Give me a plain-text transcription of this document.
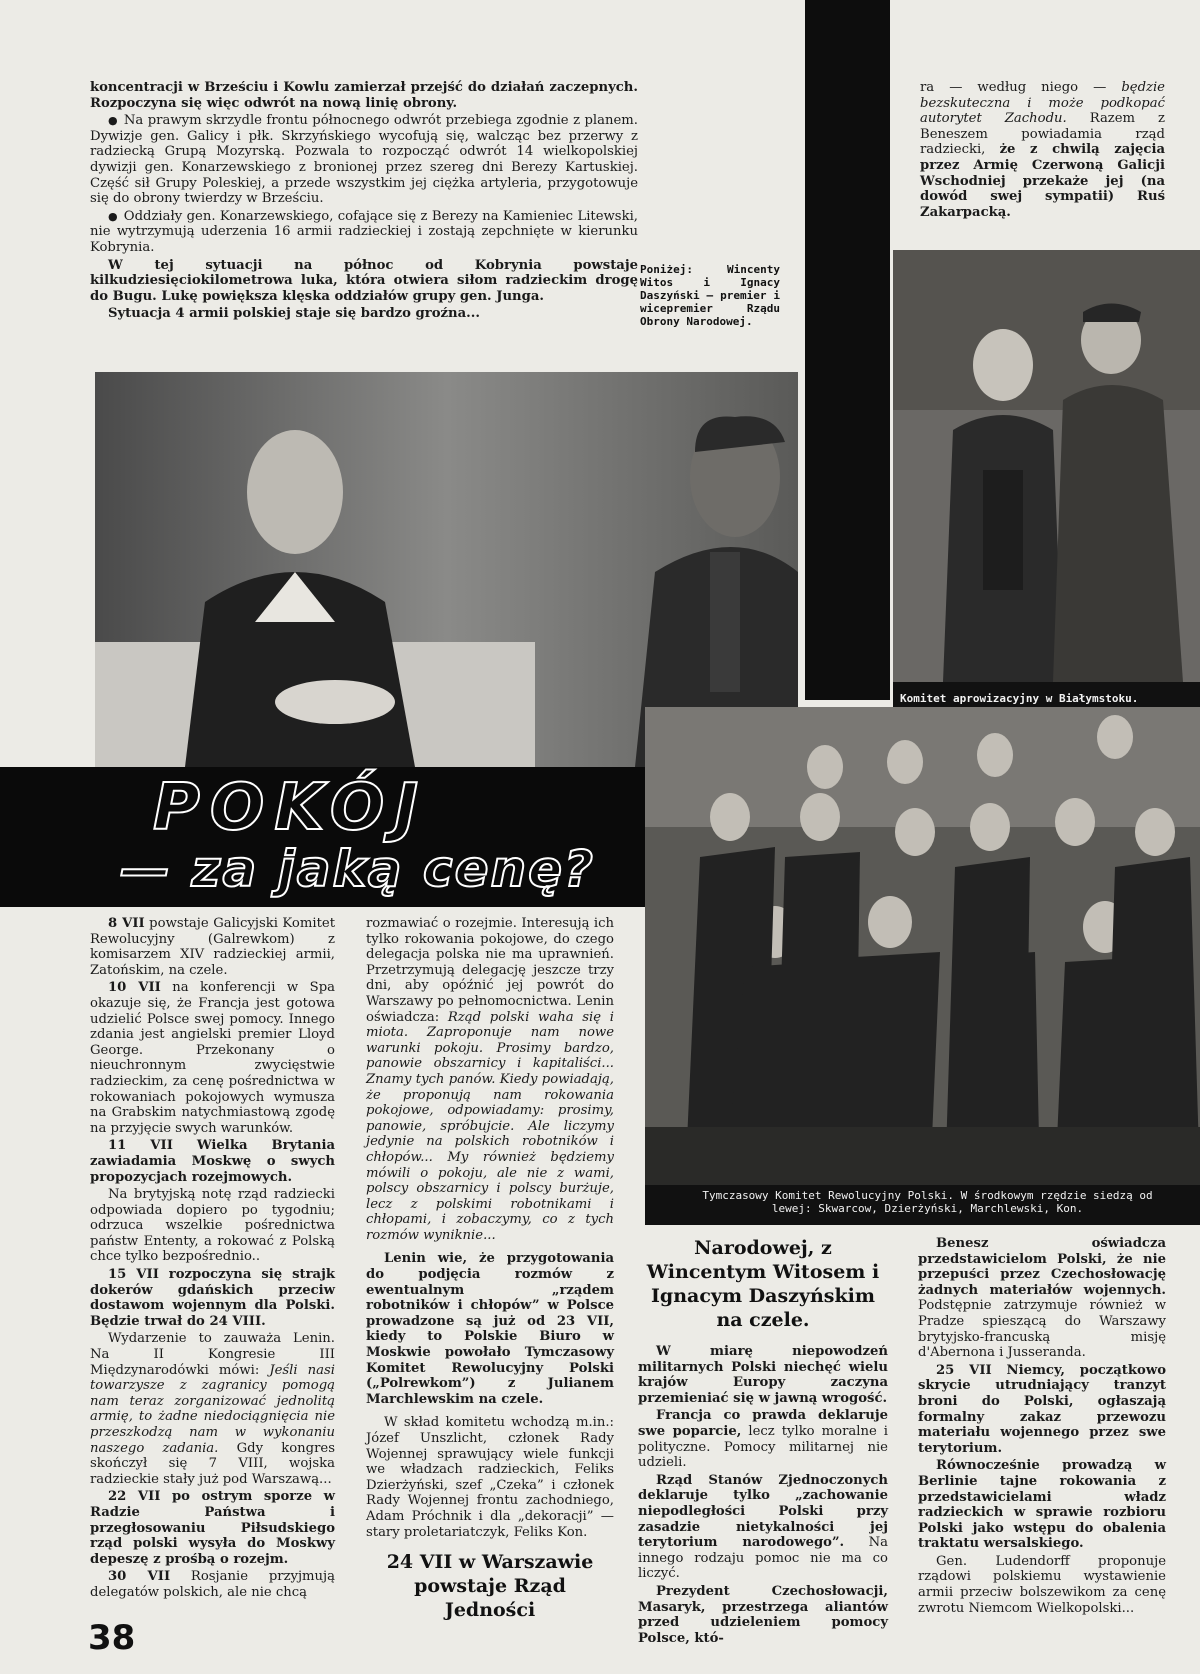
koncentracji w Brześciu i Kowlu zamierzał przejść do działań zaczepnych. Rozpoczyna się więc odwrót na nową linię obrony.

● Na prawym skrzydle frontu północnego odwrót przebiega zgodnie z planem. Dywizje gen. Galicy i płk. Skrzyńskiego wycofują się, walcząc bez przerwy z radziecką Grupą Mozyrską. Pozwala to rozpocząć odwrót 14 wielkopolskiej dywizji gen. Konarzewskiego z bronionej przez szereg dni Berezy Kartuskiej. Część sił Grupy Poleskiej, a przede wszystkim jej ciężka artyleria, przygotowuje się do obrony twierdzy w Brześciu.

● Oddziały gen. Konarzewskiego, cofające się z Berezy na Kamieniec Litewski, nie wytrzymują uderzenia 16 armii radzieckiej i zostają zepchnięte w kierunku Kobrynia.

W tej sytuacji na północ od Kobrynia powstaje kilkudziesięciokilometrowa luka, która otwiera siłom radzieckim drogę do Bugu. Lukę powiększa klęska oddziałów grupy gen. Junga.

Sytuacja 4 armii polskiej staje się bardzo groźna...

Poniżej: Wincenty Witos i Ignacy Daszyński — premier i wicepremier Rządu Obrony Narodowej.

ra — według niego — będzie bezskuteczna i może podkopać autorytet Zachodu. Razem z Beneszem powiadamia rząd radziecki, że z chwilą zajęcia przez Armię Czerwoną Galicji Wschodniej przekaże jej (na dowód swej sympatii) Ruś Zakarpacką.

Komitet aprowizacyjny w Białymstoku.
POKÓJ
— za jaką cenę?
Tymczasowy Komitet Rewolucyjny Polski. W środkowym rzędzie siedzą od lewej: Skwarcow, Dzierżyński, Marchlewski, Kon.

8 VII powstaje Galicyjski Komitet Rewolucyjny (Galrewkom) z komisarzem XIV radzieckiej armii, Zatońskim, na czele.

10 VII na konferencji w Spa okazuje się, że Francja jest gotowa udzielić Polsce swej pomocy. Innego zdania jest angielski premier Lloyd George. Przekonany o nieuchronnym zwycięstwie radzieckim, za cenę pośrednictwa w rokowaniach pokojowych wymusza na Grabskim natychmiastową zgodę na przyjęcie swych warunków.

11 VII Wielka Brytania zawiadamia Moskwę o swych propozycjach rozejmowych.

Na brytyjską notę rząd radziecki odpowiada dopiero po tygodniu; odrzuca wszelkie pośrednictwa państw Ententy, a rokować z Polską chce tylko bezpośrednio..

15 VII rozpoczyna się strajk dokerów gdańskich przeciw dostawom wojennym dla Polski. Będzie trwał do 24 VIII.

Wydarzenie to zauważa Lenin. Na II Kongresie III Międzynarodówki mówi: Jeśli nasi towarzysze z zagranicy pomogą nam teraz zorganizować jednolitą armię, to żadne niedociągnięcia nie przeszkodzą nam w wykonaniu naszego zadania. Gdy kongres skończył się 7 VIII, wojska radzieckie stały już pod Warszawą...

22 VII po ostrym sporze w Radzie Państwa i przegłosowaniu Piłsudskiego rząd polski wysyła do Moskwy depeszę z prośbą o rozejm.

30 VII Rosjanie przyjmują delegatów polskich, ale nie chcą

rozmawiać o rozejmie. Interesują ich tylko rokowania pokojowe, do czego delegacja polska nie ma uprawnień. Przetrzymują delegację jeszcze trzy dni, aby opóźnić jej powrót do Warszawy po pełnomocnictwa. Lenin oświadcza: Rząd polski waha się i miota. Zaproponuje nam nowe warunki pokoju. Prosimy bardzo, panowie obszarnicy i kapitaliści... Znamy tych panów. Kiedy powiadają, że proponują nam rokowania pokojowe, odpowiadamy: prosimy, panowie, spróbujcie. Ale liczymy jedynie na polskich robotników i chłopów... My również będziemy mówili o pokoju, ale nie z wami, polscy obszarnicy i polscy burżuje, lecz z polskimi robotnikami i chłopami, i zobaczymy, co z tych rozmów wyniknie...

Lenin wie, że przygotowania do podjęcia rozmów z ewentualnym „rządem robotników i chłopów” w Polsce prowadzone są już od 23 VII, kiedy to Polskie Biuro w Moskwie powołało Tymczasowy Komitet Rewolucyjny Polski („Polrewkom”) z Julianem Marchlewskim na czele.

W skład komitetu wchodzą m.in.: Józef Unszlicht, członek Rady Wojennej sprawujący wiele funkcji we władzach radzieckich, Feliks Dzierżyński, szef „Czeka” i członek Rady Wojennej frontu zachodniego, Adam Próchnik i dla „dekoracji” — stary proletariatczyk, Feliks Kon.

24 VII w Warszawie powstaje Rząd Jedności
Narodowej, z Wincentym Witosem i Ignacym Daszyńskim na czele.

W miarę niepowodzeń militarnych Polski niechęć wielu krajów Europy zaczyna przemieniać się w jawną wrogość.

Francja co prawda deklaruje swe poparcie, lecz tylko moralne i polityczne. Pomocy militarnej nie udzieli.

Rząd Stanów Zjednoczonych deklaruje tylko „zachowanie niepodległości Polski przy zasadzie nietykalności jej terytorium narodowego”. Na innego rodzaju pomoc nie ma co liczyć.

Prezydent Czechosłowacji, Masaryk, przestrzega aliantów przed udzieleniem pomocy Polsce, któ-

Benesz oświadcza przedstawicielom Polski, że nie przepuści przez Czechosłowację żadnych materiałów wojennych. Podstępnie zatrzymuje również w Pradze spieszącą do Warszawy brytyjsko-francuską misję d'Abernona i Jusseranda.

25 VII Niemcy, początkowo skrycie utrudniający tranzyt broni do Polski, ogłaszają formalny zakaz przewozu materiału wojennego przez swe terytorium.

Równocześnie prowadzą w Berlinie tajne rokowania z przedstawicielami władz radzieckich w sprawie rozbioru Polski jako wstępu do obalenia traktatu wersalskiego.

Gen. Ludendorff proponuje rządowi polskiemu wystawienie armii przeciw bolszewikom za cenę zwrotu Niemcom Wielkopolski...

38
